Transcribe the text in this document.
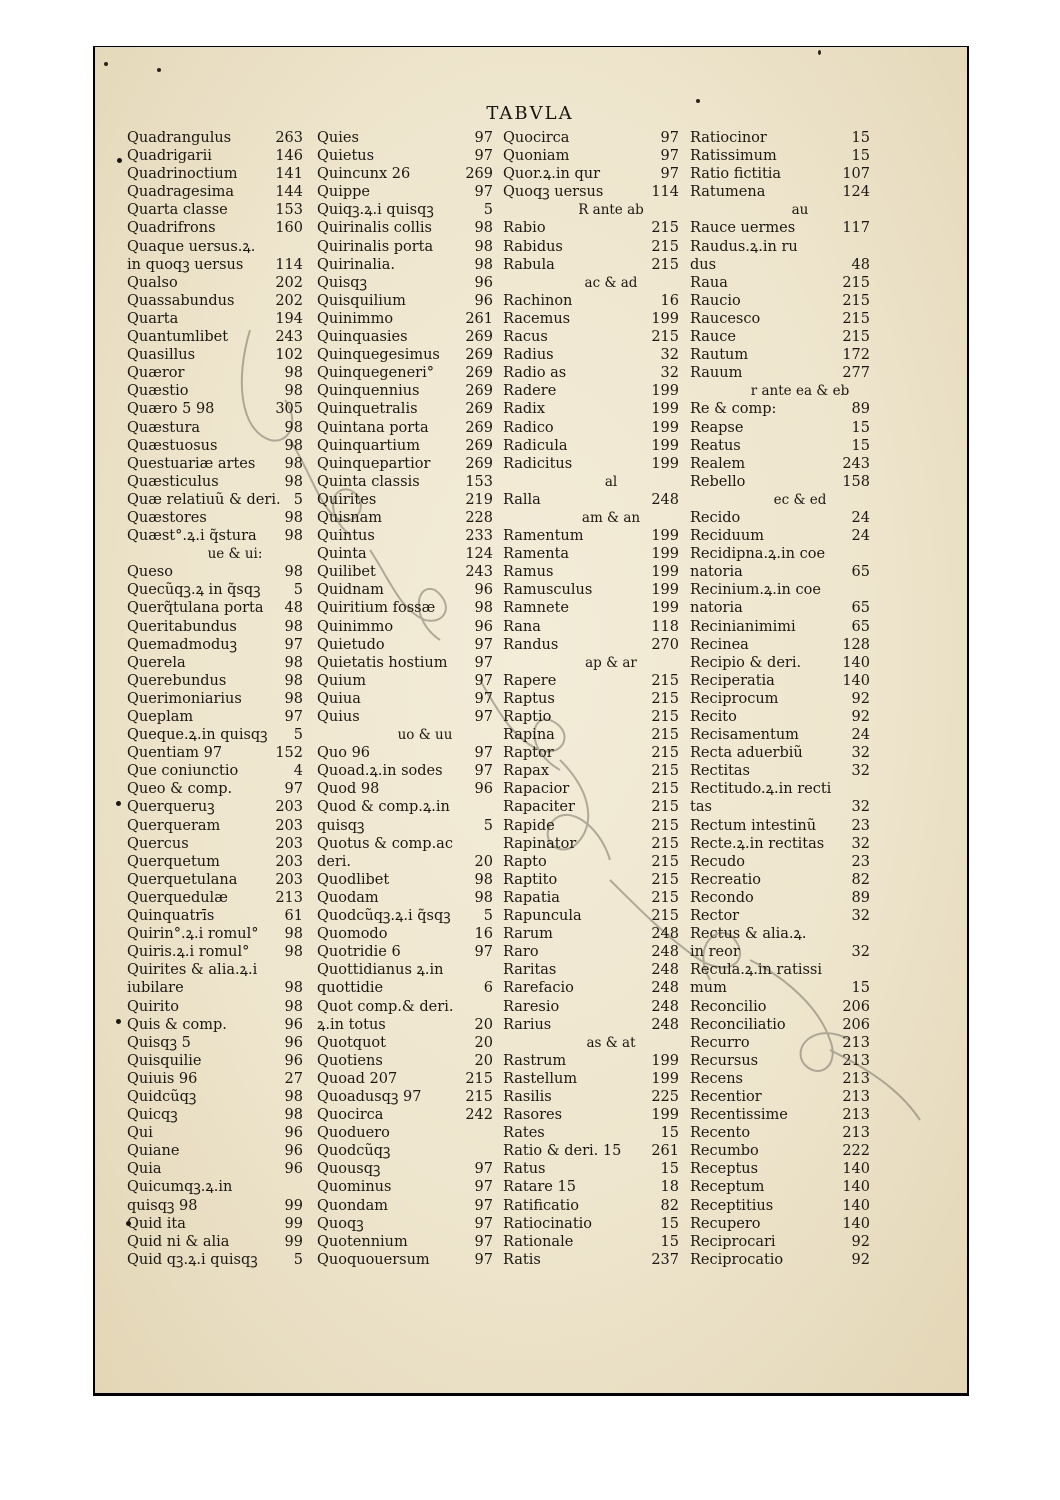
TABVLA
Quadrangulus	263
Quadrigarii	146
Quadrinoctium	141
Quadragesima	144
Quarta classe	153
Quadrifrons	160
Quaque uersus.ꝝ.
in quoqꝫ uersus	114
Qualso	202
Quassabundus	202
Quarta	194
Quantumlibet	243
Quasillus	102
Quæror	98
Quæstio	98
Quæro 5 98	305
Quæstura	98
Quæstuosus	98
Questuariæ artes	98
Quæsticulus	98
Quæ relatiuũ & deri. 5
Quæstores	98
Quæst°.ꝝ.i q̃stura	98
ue & ui:
Queso	98
Quecũqꝫ.ꝝ in q̃sqꝫ	5
Querq̃tulana porta	48
Queritabundus	98
Quemadmoduꝫ	97
Querela	98
Querebundus	98
Querimoniarius	98
Queplam	97
Queque.ꝝ.in quisqꝫ	5
Quentiam 97	152
Que coniunctio	4
Queo & comp.	97
Querqueruꝫ	203
Querqueram	203
Quercus	203
Querquetum	203
Querquetulana	203
Querquedulæ	213
Quinquatrīs	61
Quirin°.ꝝ.i romul°	98
Quiris.ꝝ.i romul°	98
Quirites & alia.ꝝ.i
iubilare	98
Quirito	98
Quis & comp.	96
Quisqꝫ 5	96
Quisquilie	96
Quiuis 96	27
Quidcũqꝫ	98
Quicqꝫ	98
Qui	96
Quiane	96
Quia	96
Quicumqꝫ.ꝝ.in
quisqꝫ 98	99
Quid ita	99
Quid ni & alia	99
Quid qꝫ.ꝝ.i quisqꝫ	5
Quies	97
Quietus	97
Quincunx 26	269
Quippe	97
Quiqꝫ.ꝝ.i quisqꝫ	5
Quirinalis collis	98
Quirinalis porta	98
Quirinalia.	98
Quisqꝫ	96
Quisquilium	96
Quinimmo	261
Quinquasies	269
Quinquegesimus	269
Quinquegeneri°	269
Quinquennius	269
Quinquetralis	269
Quintana porta	269
Quinquartium	269
Quinquepartior	269
Quinta classis	153
Quirites	219
Quisnam	228
Quintus	233
Quinta	124
Quilibet	243
Quidnam	96
Quiritium fossæ	98
Quinimmo	96
Quietudo	97
Quietatis hostium	97
Quium	97
Quiua	97
Quius	97
uo & uu
Quo 96	97
Quoad.ꝝ.in sodes	97
Quod 98	96
Quod & comp.ꝝ.in
quisqꝫ	5
Quotus & comp.ac
deri.	20
Quodlibet	98
Quodam	98
Quodcũqꝫ.ꝝ.i q̃sqꝫ	5
Quomodo	16
Quotridie 6	97
Quottidianus ꝝ.in
quottidie	6
Quot comp.& deri.
ꝝ.in totus	20
Quotquot	20
Quotiens	20
Quoad 207	215
Quoadusqꝫ 97	215
Quocirca	242
Quoduero
Quodcũqꝫ
Quousqꝫ	97
Quominus	97
Quondam	97
Quoqꝫ	97
Quotennium	97
Quoquouersum	97
Quocirca	97
Quoniam	97
Quor.ꝝ.in qur	97
Quoqꝫ uersus	114
R ante ab
Rabio	215
Rabidus	215
Rabula	215
ac & ad
Rachinon	16
Racemus	199
Racus	215
Radius	32
Radio as	32
Radere	199
Radix	199
Radico	199
Radicula	199
Radicitus	199
al
Ralla	248
am & an
Ramentum	199
Ramenta	199
Ramus	199
Ramusculus	199
Ramnete	199
Rana	118
Randus	270
ap & ar
Rapere	215
Raptus	215
Raptio	215
Rapina	215
Raptor	215
Rapax	215
Rapacior	215
Rapaciter	215
Rapide	215
Rapinator	215
Rapto	215
Raptito	215
Rapatia	215
Rapuncula	215
Rarum	248
Raro	248
Raritas	248
Rarefacio	248
Raresio	248
Rarius	248
as & at
Rastrum	199
Rastellum	199
Rasilis	225
Rasores	199
Rates	15
Ratio & deri. 15	261
Ratus	15
Ratare 15	18
Ratificatio	82
Ratiocinatio	15
Rationale	15
Ratis	237
Ratiocinor	15
Ratissimum	15
Ratio fictitia	107
Ratumena	124
au
Rauce uermes	117
Raudus.ꝝ.in ru
dus	48
Raua	215
Raucio	215
Raucesco	215
Rauce	215
Rautum	172
Rauum	277
r ante ea & eb
Re & comp:	89
Reapse	15
Reatus	15
Realem	243
Rebello	158
ec & ed
Recido	24
Reciduum	24
Recidipna.ꝝ.in coe
natoria	65
Recinium.ꝝ.in coe
natoria	65
Recinianimimi	65
Recinea	128
Recipio & deri.	140
Reciperatia	140
Reciprocum	92
Recito	92
Recisamentum	24
Recta aduerbiũ	32
Rectitas	32
Rectitudo.ꝝ.in recti
tas	32
Rectum intestinũ	23
Recte.ꝝ.in rectitas	32
Recudo	23
Recreatio	82
Recondo	89
Rector	32
Rectus & alia.ꝝ.
in reor	32
Recula.ꝝ.in ratissi
mum	15
Reconcilio	206
Reconciliatio	206
Recurro	213
Recursus	213
Recens	213
Recentior	213
Recentissime	213
Recento	213
Recumbo	222
Receptus	140
Receptum	140
Receptitius	140
Recupero	140
Reciprocari	92
Reciprocatio	92
